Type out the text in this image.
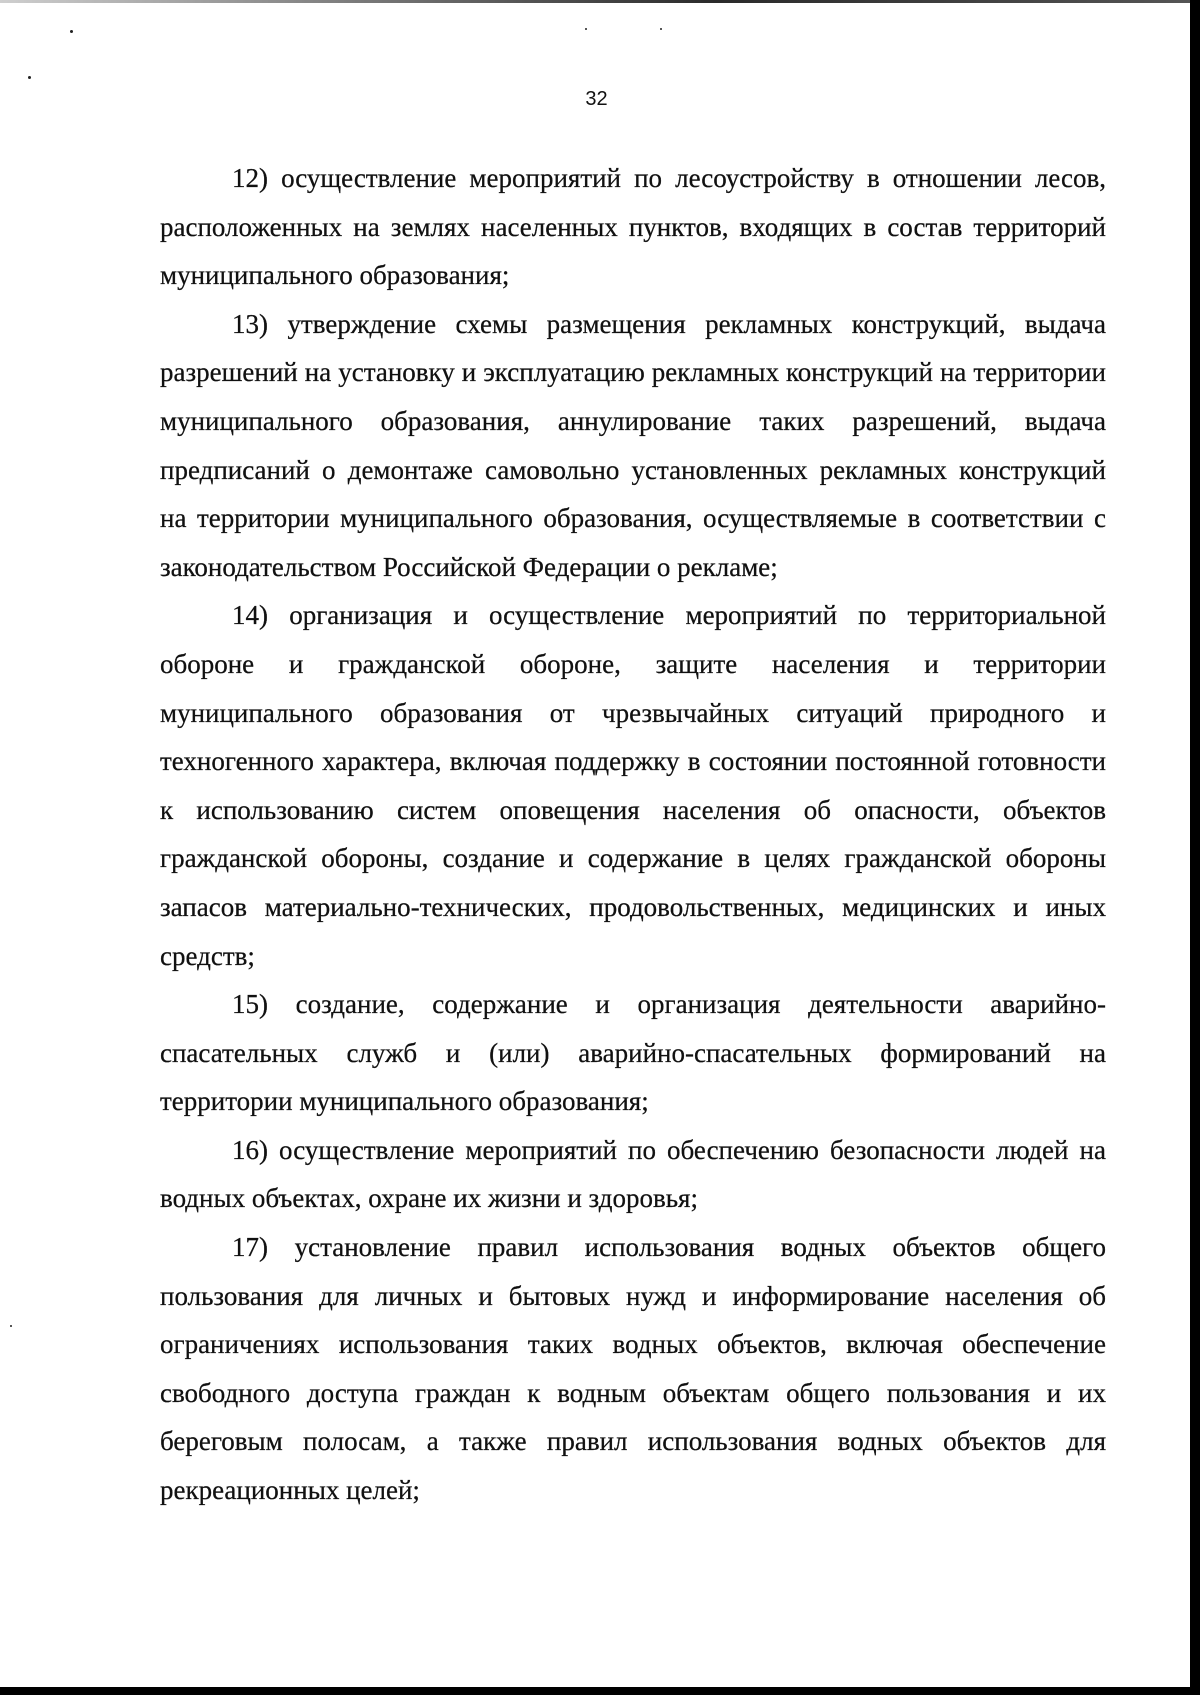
32

12) осуществление мероприятий по лесоустройству в отношении лесов, расположенных на землях населенных пунктов, входящих в состав территорий муниципального образования;

13) утверждение схемы размещения рекламных конструкций, выдача разрешений на установку и эксплуатацию рекламных конструкций на территории муниципального образования, аннулирование таких разрешений, выдача предписаний о демонтаже самовольно установленных рекламных конструкций на территории муниципального образования, осуществляемые в соответствии с законодательством Российской Федерации о рекламе;

14) организация и осуществление мероприятий по территориальной обороне и гражданской обороне, защите населения и территории муниципального образования от чрезвычайных ситуаций природного и техногенного характера, включая поддержку в состоянии постоянной готовности к использованию систем оповещения населения об опасности, объектов гражданской обороны, создание и содержание в целях гражданской обороны запасов материально-технических, продовольственных, медицинских и иных средств;

15) создание, содержание и организация деятельности аварийно-спасательных служб и (или) аварийно-спасательных формирований на территории муниципального образования;

16) осуществление мероприятий по обеспечению безопасности людей на водных объектах, охране их жизни и здоровья;

17) установление правил использования водных объектов общего пользования для личных и бытовых нужд и информирование населения об ограничениях использования таких водных объектов, включая обеспечение свободного доступа граждан к водным объектам общего пользования и их береговым полосам, а также правил использования водных объектов для рекреационных целей;
